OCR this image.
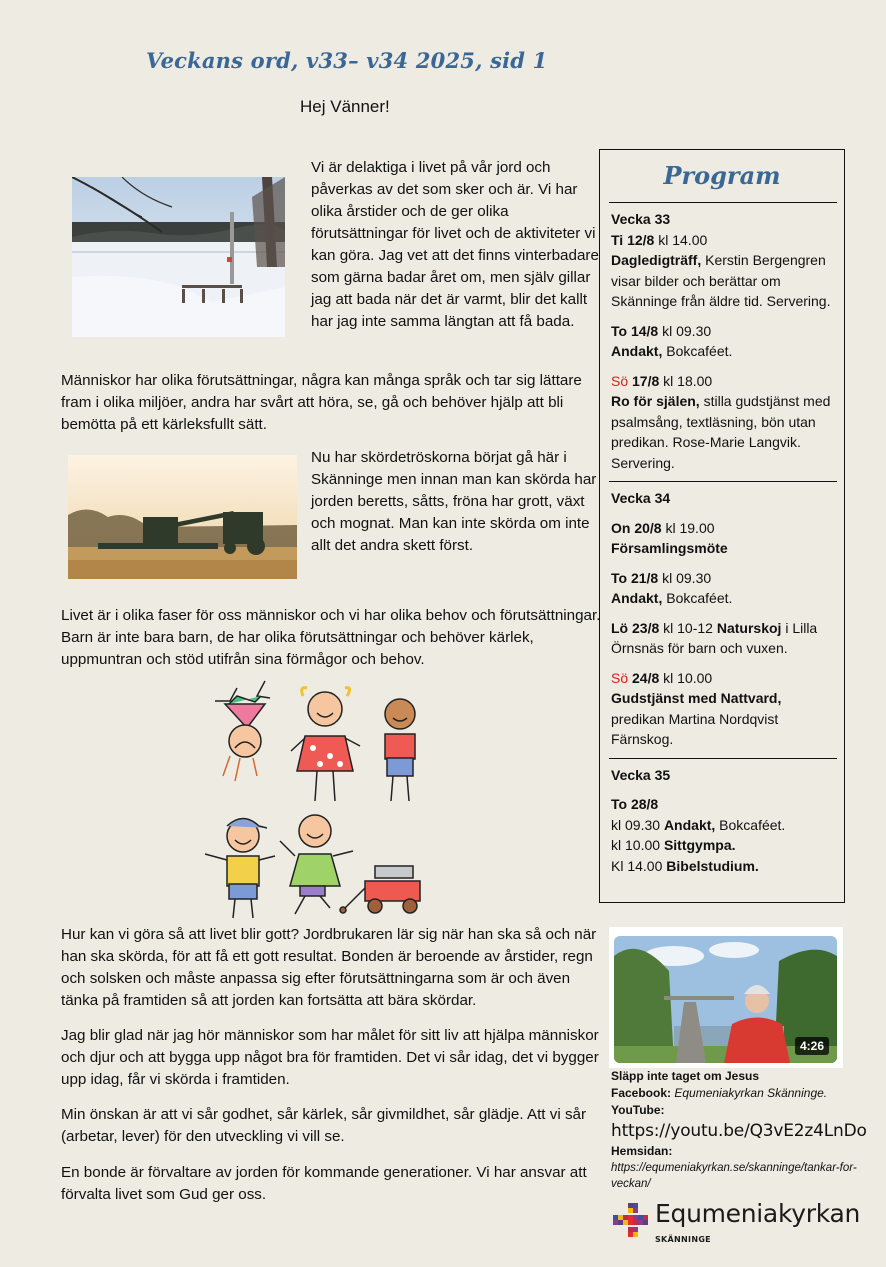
Veckans ord, v33– v34 2025, sid 1
Hej Vänner!

Vi är delaktiga i livet på vår jord och påverkas av det som sker och är. Vi har olika årstider och de ger olika förutsättningar för livet och de aktiviteter vi kan göra. Jag vet att det finns vinterbadare som gärna badar året om, men själv gillar jag att bada när det är varmt, blir det kallt har jag inte samma längtan att få bada.

Människor har olika förutsättningar, några kan många språk och tar sig lättare fram i olika miljöer, andra har svårt att höra, se, gå och behöver hjälp att bli bemötta på ett kärleksfullt sätt.

Nu har skördetröskorna börjat gå här i Skänninge men innan man kan skörda har jorden beretts, såtts, fröna har grott, växt och mognat. Man kan inte skörda om inte allt det andra skett först.

Livet är i olika faser för oss människor och vi har olika behov och förutsättningar. Barn är inte bara barn, de har olika förutsättningar och behöver kärlek, uppmuntran och stöd utifrån sina förmågor och behov.

Hur kan vi göra så att livet blir gott? Jordbrukaren lär sig när han ska så och när han ska skörda, för att få ett gott resultat. Bonden är beroende av årstider, regn och solsken och måste anpassa sig efter förutsättningarna som är och även tänka på framtiden så att jorden kan fortsätta att bära skördar.

Jag blir glad när jag hör människor som har målet för sitt liv att hjälpa människor och djur och att bygga upp något bra för framtiden. Det vi sår idag, det vi bygger upp idag, får vi skörda i framtiden.

Min önskan är att vi sår godhet, sår kärlek, sår givmildhet, sår glädje. Att vi sår (arbetar, lever) för den utveckling vi vill se.

En bonde är förvaltare av jorden för kommande generationer. Vi har ansvar att förvalta livet som Gud ger oss.

Program
Vecka 33
Ti 12/8 kl 14.00
Dagledigträff, Kerstin Bergengren visar bilder och berättar om Skänninge från äldre tid. Servering.
To 14/8 kl 09.30
Andakt, Bokcaféet.
Sö 17/8 kl 18.00
Ro för själen, stilla gudstjänst med psalmsång, textläsning, bön utan predikan. Rose-Marie Langvik. Servering.
Vecka 34
On 20/8 kl 19.00 Församlingsmöte
To 21/8 kl 09.30
Andakt, Bokcaféet.
Lö 23/8 kl 10-12 Naturskoj i Lilla Örnsnäs för barn och vuxen.
Sö 24/8 kl 10.00
Gudstjänst med Nattvard, predikan Martina Nordqvist Färnskog.
Vecka 35
To 28/8
kl 09.30 Andakt, Bokcaféet.
kl 10.00 Sittgympa.
Kl 14.00 Bibelstudium.
4:26
Släpp inte taget om Jesus
Facebook: Equmeniakyrkan Skänninge.
YouTube:
https://youtu.be/Q3vE2z4LnDo
Hemsidan:
https://equmeniakyrkan.se/skanninge/tankar-for-veckan/
Equmeniakyrkan
SKÄNNINGE
